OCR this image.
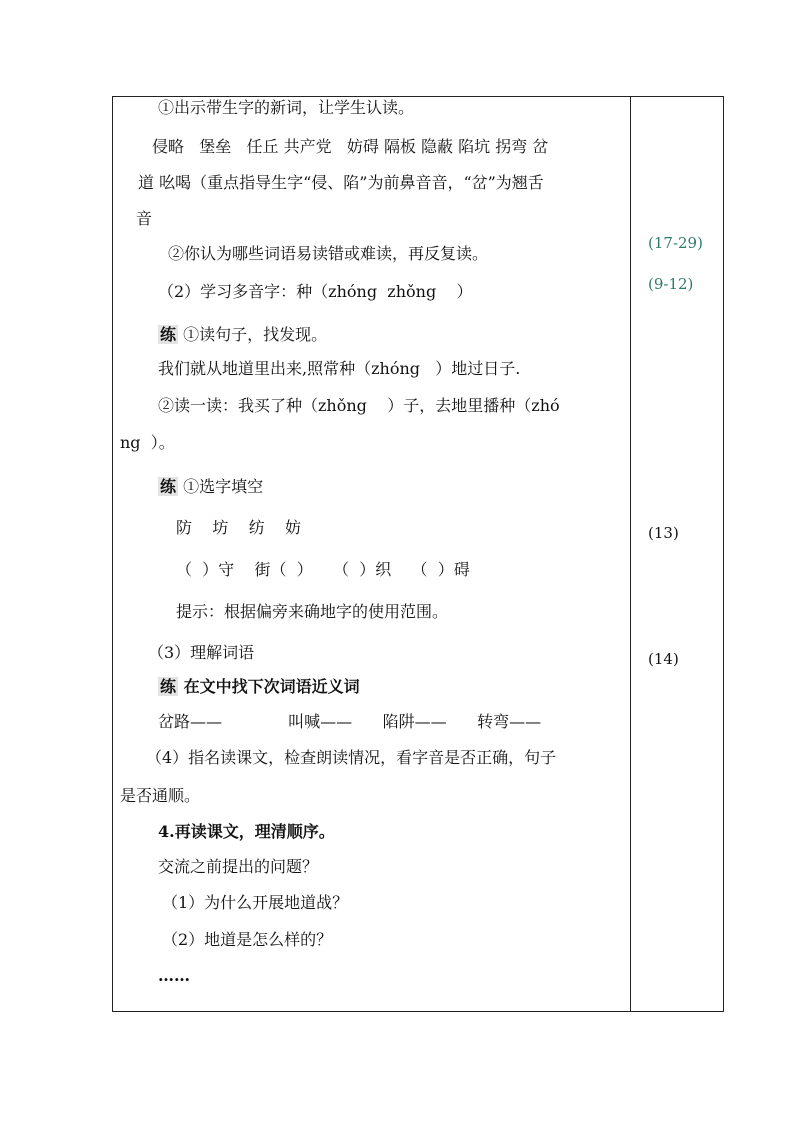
①出示带生字的新词，让学生认读。
侵略   堡垒   任丘 共产党   妨碍 隔板 隐蔽 陷坑 拐弯 岔
道 吆喝（重点指导生字“侵、陷”为前鼻音音，“岔”为翘舌
音
②你认为哪些词语易读错或难读，再反复读。
（2）学习多音字：种（zhóng  zhǒng    ）
练 ①读句子，找发现。
我们就从地道里出来,照常种（zhóng   ）地过日子.
②读一读：我买了种（zhǒng    ）子，去地里播种（zhó
ng  ）。
练 ①选字填空
防    坊    纺    妨
（  ）守    街（  ）    （  ）织    （  ）碍
提示：根据偏旁来确地字的使用范围。
（3）理解词语
练 在文中找下次词语近义词
岔路——             叫喊——      陷阱——      转弯——
（4）指名读课文，检查朗读情况，看字音是否正确，句子
是否通顺。
4.再读课文，理清顺序。
交流之前提出的问题？
（1）为什么开展地道战？
（2）地道是怎么样的？
……
(17-29)
(9-12)
(13)
(14)
